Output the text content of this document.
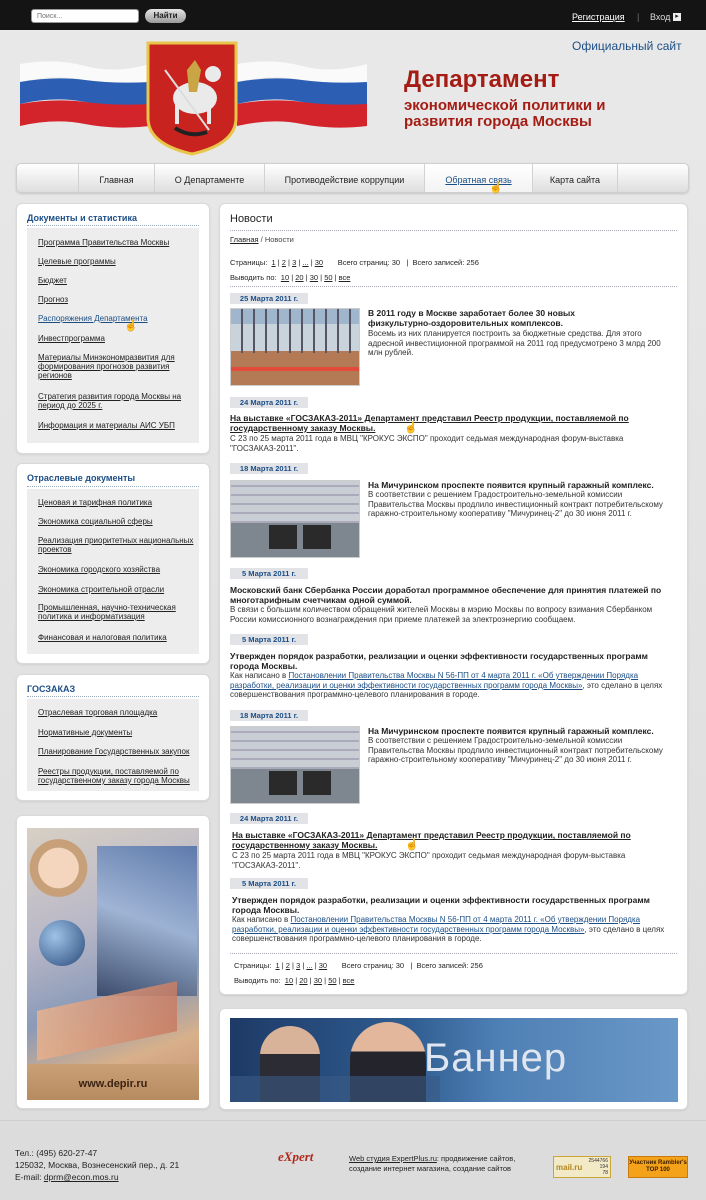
Поиск...
Найти	Регистрация | Вход ▸
Официальный сайт
Департамент
экономической политики и развития города Москвы
Главная	О Департаменте	Противодействие коррупции	Обратная связь	Карта сайта
☝
Документы и статистика
Программа Правительства Москвы
Целевые программы
Бюджет
Прогноз
Распоряжения Департамента
Инвестпрограмма
Материалы Минэкономразвития для формирования прогнозов развития регионов
Стратегия развития города Москвы на период до 2025 г.
Информация и материалы АИС УБП
☝
Отраслевые документы
Ценовая и тарифная политика
Экономика социальной сферы
Реализация приоритетных национальных проектов
Экономика городского хозяйства
Экономика строительной отрасли
Промышленная, научно-техническая политика и информатизация
Финансовая и налоговая политика
ГОСЗАКАЗ
Отраслевая торговая площадка
Нормативные документы
Планирование Государственных закупок
Реестры продукции, поставляемой по государственному заказу города Москвы
www.depir.ru
Новости
Главная / Новости
Страницы: 1 | 2 | 3 | ... | 30 Всего страниц: 30   |  Всего записей: 256
Выводить по: 10 | 20 | 30 | 50 | все
25 Марта 2011 г.
В 2011 году в Москве заработает более 30 новых физкультурно-оздоровительных комплексов.
Восемь из них планируется построить за бюджетные средства. Для этого адресной инвестиционной программой на 2011 год предусмотрено 3 млрд 200 млн рублей.
24 Марта 2011 г.
На выставке «ГОСЗАКАЗ-2011» Департамент представил Реестр продукции, поставляемой по государственному заказу Москвы.
С 23 по 25 марта 2011 года в МВЦ "КРОКУС ЭКСПО" проходит седьмая международная форум-выставка "ГОСЗАКАЗ-2011".
☝
18 Марта 2011 г.
На Мичуринском проспекте появится крупный гаражный комплекс.
В соответствии с решением Градостроительно-земельной комиссии Правительства Москвы продлило инвестиционный контракт потребительскому гаражно-строительному кооперативу "Мичуринец-2" до 30 июня 2011 г.
5 Марта 2011 г.
Московский банк Сбербанка России доработал программное обеспечение для принятия платежей по многотарифным счетчикам одной суммой.
В связи с большим количеством обращений жителей Москвы в мэрию Москвы по вопросу взимания Сбербанком России комиссионного вознаграждения при приеме платежей за электроэнергию сообщаем.
5 Марта 2011 г.
Утвержден порядок разработки, реализации и оценки эффективности государственных программ города Москвы.
Как написано в Постановлении Правительства Москвы N 56-ПП от 4 марта 2011 г. «Об утверждении Порядка разработки, реализации и оценки эффективности государственных программ города Москвы», это сделано в целях совершенствования программно-целевого планирования в городе.
18 Марта 2011 г.
На Мичуринском проспекте появится крупный гаражный комплекс.
В соответствии с решением Градостроительно-земельной комиссии Правительства Москвы продлило инвестиционный контракт потребительскому гаражно-строительному кооперативу "Мичуринец-2" до 30 июня 2011 г.
24 Марта 2011 г.
На выставке «ГОСЗАКАЗ-2011» Департамент представил Реестр продукции, поставляемой по государственному заказу Москвы.
С 23 по 25 марта 2011 года в МВЦ "КРОКУС ЭКСПО" проходит седьмая международная форум-выставка "ГОСЗАКАЗ-2011".
☝
5 Марта 2011 г.
Утвержден порядок разработки, реализации и оценки эффективности государственных программ города Москвы.
Как написано в Постановлении Правительства Москвы N 56-ПП от 4 марта 2011 г. «Об утверждении Порядка разработки, реализации и оценки эффективности государственных программ города Москвы», это сделано в целях совершенствования программно-целевого планирования в городе.
Страницы: 1 | 2 | 3 | ... | 30 Всего страниц: 30   |  Всего записей: 256
Выводить по: 10 | 20 | 30 | 50 | все
Баннер
Тел.: (495) 620-27-47
125032, Москва, Вознесенский пер., д. 21
E-mail: dprm@econ.mos.ru
eXpert	Web студия ExpertPlus.ru: продвижение сайтов, создание интернет магазина, создание сайтов	mail.ru
2544766
194
78
Участник Rambler's TOP 100
